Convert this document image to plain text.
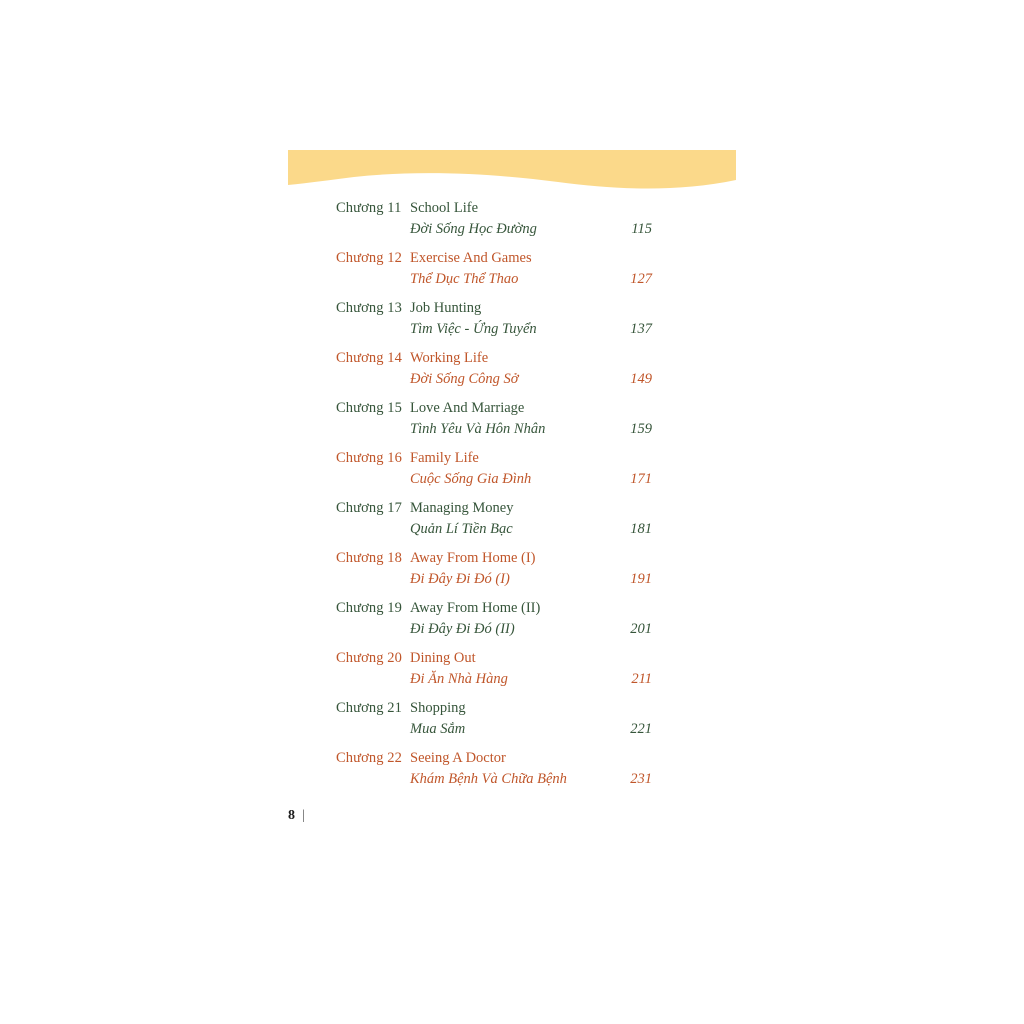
Chương 11 School Life
Đời Sống Học Đường	115
Chương 12 Exercise And Games
Thể Dục Thể Thao	127
Chương 13 Job Hunting
Tìm Việc - Ứng Tuyển	137
Chương 14 Working Life
Đời Sống Công Sở	149
Chương 15 Love And Marriage
Tình Yêu Và Hôn Nhân	159
Chương 16 Family Life
Cuộc Sống Gia Đình	171
Chương 17 Managing Money
Quản Lí Tiền Bạc	181
Chương 18 Away From Home (I)
Đi Đây Đi Đó (I)	191
Chương 19 Away From Home (II)
Đi Đây Đi Đó (II)	201
Chương 20 Dining Out
Đi Ăn Nhà Hàng	211
Chương 21 Shopping
Mua Sắm	221
Chương 22 Seeing A Doctor
Khám Bệnh Và Chữa Bệnh	231
8 |
